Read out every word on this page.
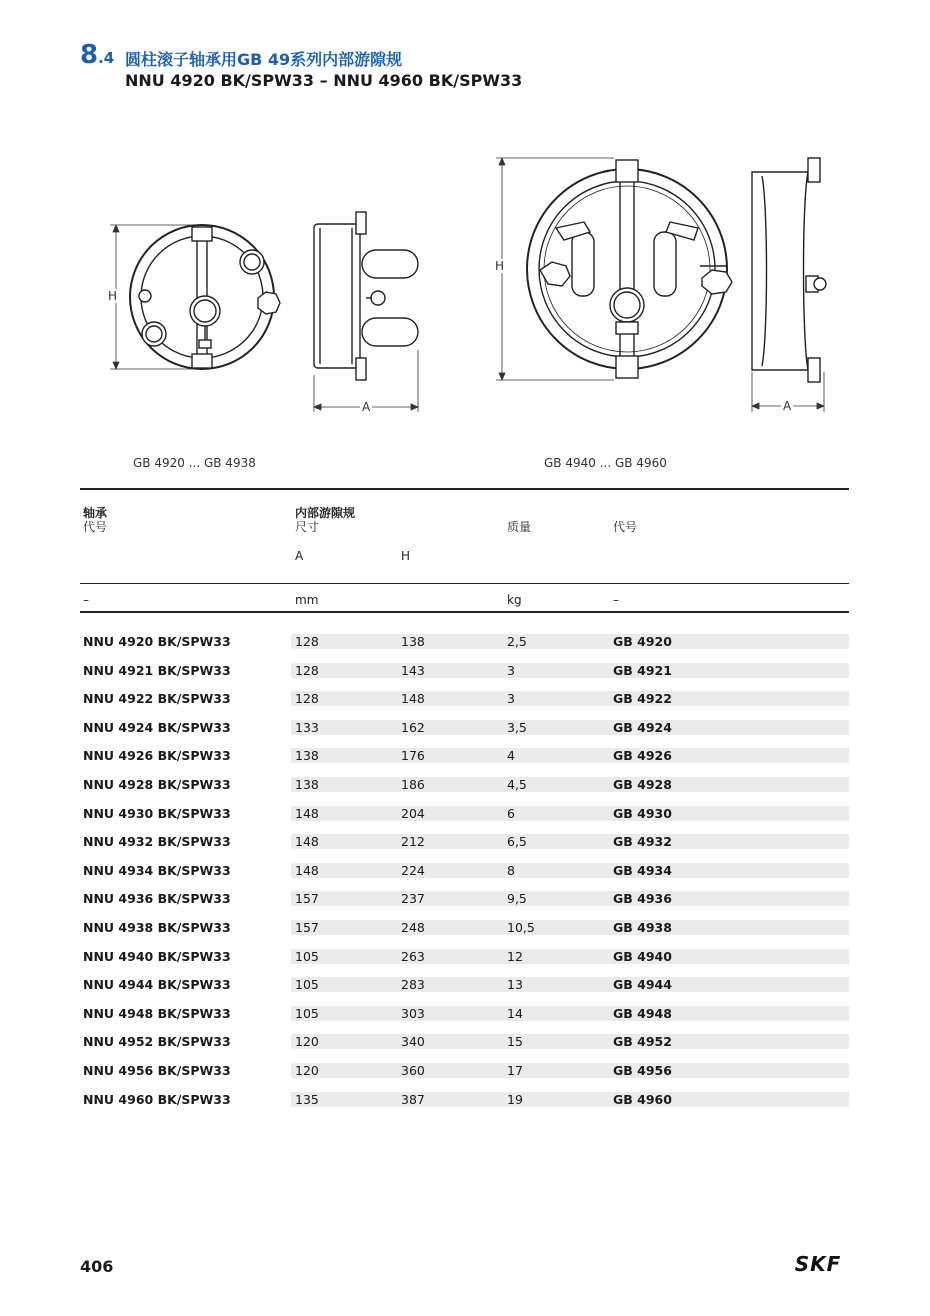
8.4 圆柱滚子轴承用GB 49系列内部游隙规
NNU 4920 BK/SPW33 – NNU 4960 BK/SPW33
H
A
H
A
GB 4920 ... GB 4938	GB 4940 ... GB 4960
轴承
代号
内部游隙规
尺寸	质量	代号
A	H
–	mm	kg	–
NNU 4920 BK/SPW33	128	138	2,5	GB 4920
NNU 4921 BK/SPW33	128	143	3	GB 4921
NNU 4922 BK/SPW33	128	148	3	GB 4922
NNU 4924 BK/SPW33	133	162	3,5	GB 4924
NNU 4926 BK/SPW33	138	176	4	GB 4926
NNU 4928 BK/SPW33	138	186	4,5	GB 4928
NNU 4930 BK/SPW33	148	204	6	GB 4930
NNU 4932 BK/SPW33	148	212	6,5	GB 4932
NNU 4934 BK/SPW33	148	224	8	GB 4934
NNU 4936 BK/SPW33	157	237	9,5	GB 4936
NNU 4938 BK/SPW33	157	248	10,5	GB 4938
NNU 4940 BK/SPW33	105	263	12	GB 4940
NNU 4944 BK/SPW33	105	283	13	GB 4944
NNU 4948 BK/SPW33	105	303	14	GB 4948
NNU 4952 BK/SPW33	120	340	15	GB 4952
NNU 4956 BK/SPW33	120	360	17	GB 4956
NNU 4960 BK/SPW33	135	387	19	GB 4960
406	SKF
